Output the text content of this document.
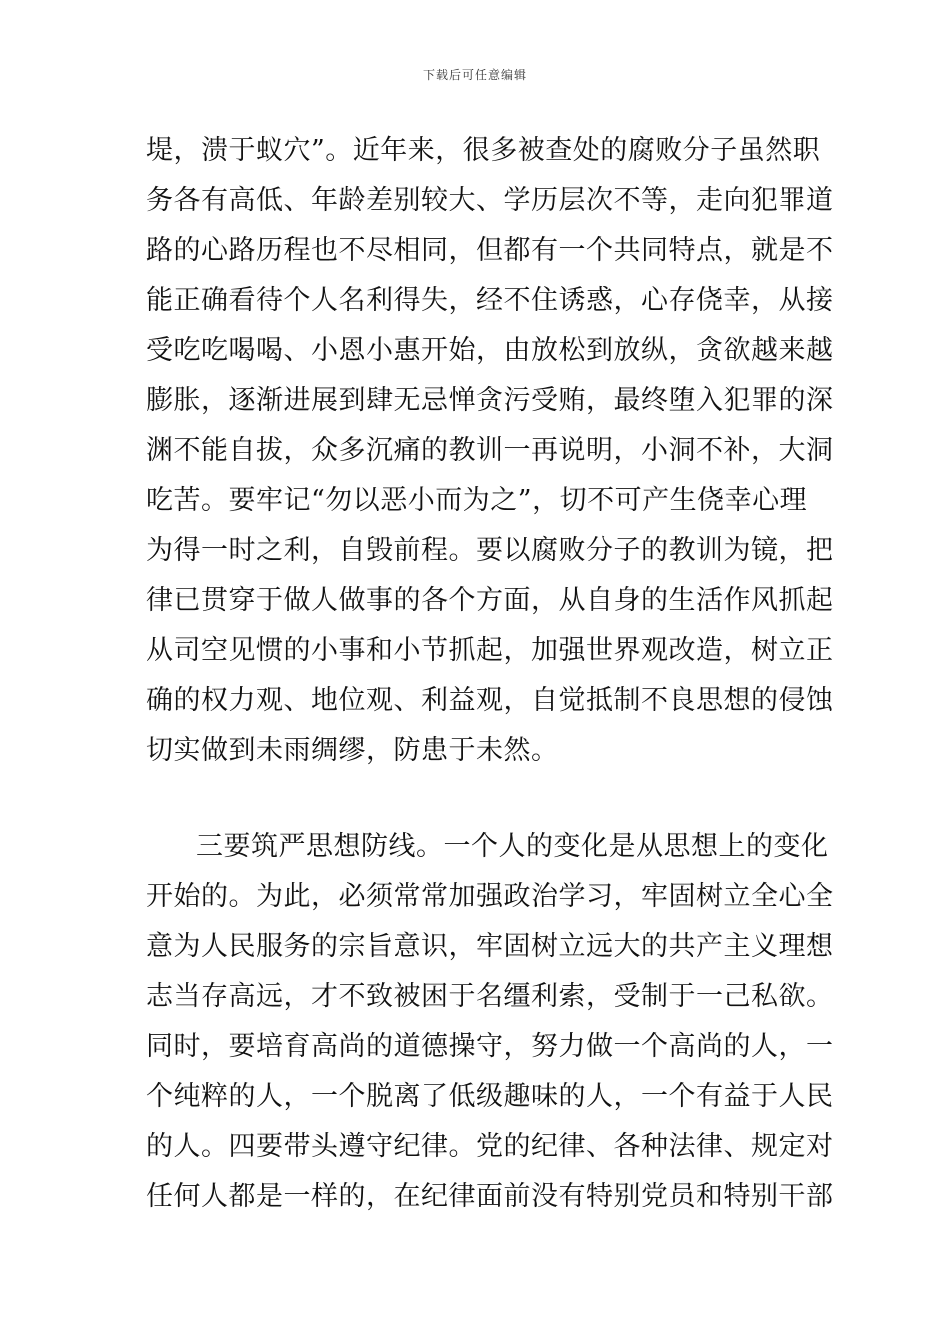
下载后可任意编辑
堤，溃于蚁穴”。近年来，很多被查处的腐败分子虽然职
务各有高低、年龄差别较大、学历层次不等，走向犯罪道
路的心路历程也不尽相同，但都有一个共同特点，就是不
能正确看待个人名利得失，经不住诱惑，心存侥幸，从接
受吃吃喝喝、小恩小惠开始，由放松到放纵，贪欲越来越
膨胀，逐渐进展到肆无忌惮贪污受贿，最终堕入犯罪的深
渊不能自拔，众多沉痛的教训一再说明，小洞不补，大洞
吃苦。要牢记“勿以恶小而为之”，切不可产生侥幸心理
为得一时之利，自毁前程。要以腐败分子的教训为镜，把
律已贯穿于做人做事的各个方面，从自身的生活作风抓起
从司空见惯的小事和小节抓起，加强世界观改造，树立正
确的权力观、地位观、利益观，自觉抵制不良思想的侵蚀
切实做到未雨绸缪，防患于未然。
三要筑严思想防线。一个人的变化是从思想上的变化
开始的。为此，必须常常加强政治学习，牢固树立全心全
意为人民服务的宗旨意识，牢固树立远大的共产主义理想
志当存高远，才不致被困于名缰利索，受制于一己私欲。
同时，要培育高尚的道德操守，努力做一个高尚的人，一
个纯粹的人，一个脱离了低级趣味的人，一个有益于人民
的人。四要带头遵守纪律。党的纪律、各种法律、规定对
任何人都是一样的，在纪律面前没有特别党员和特别干部
